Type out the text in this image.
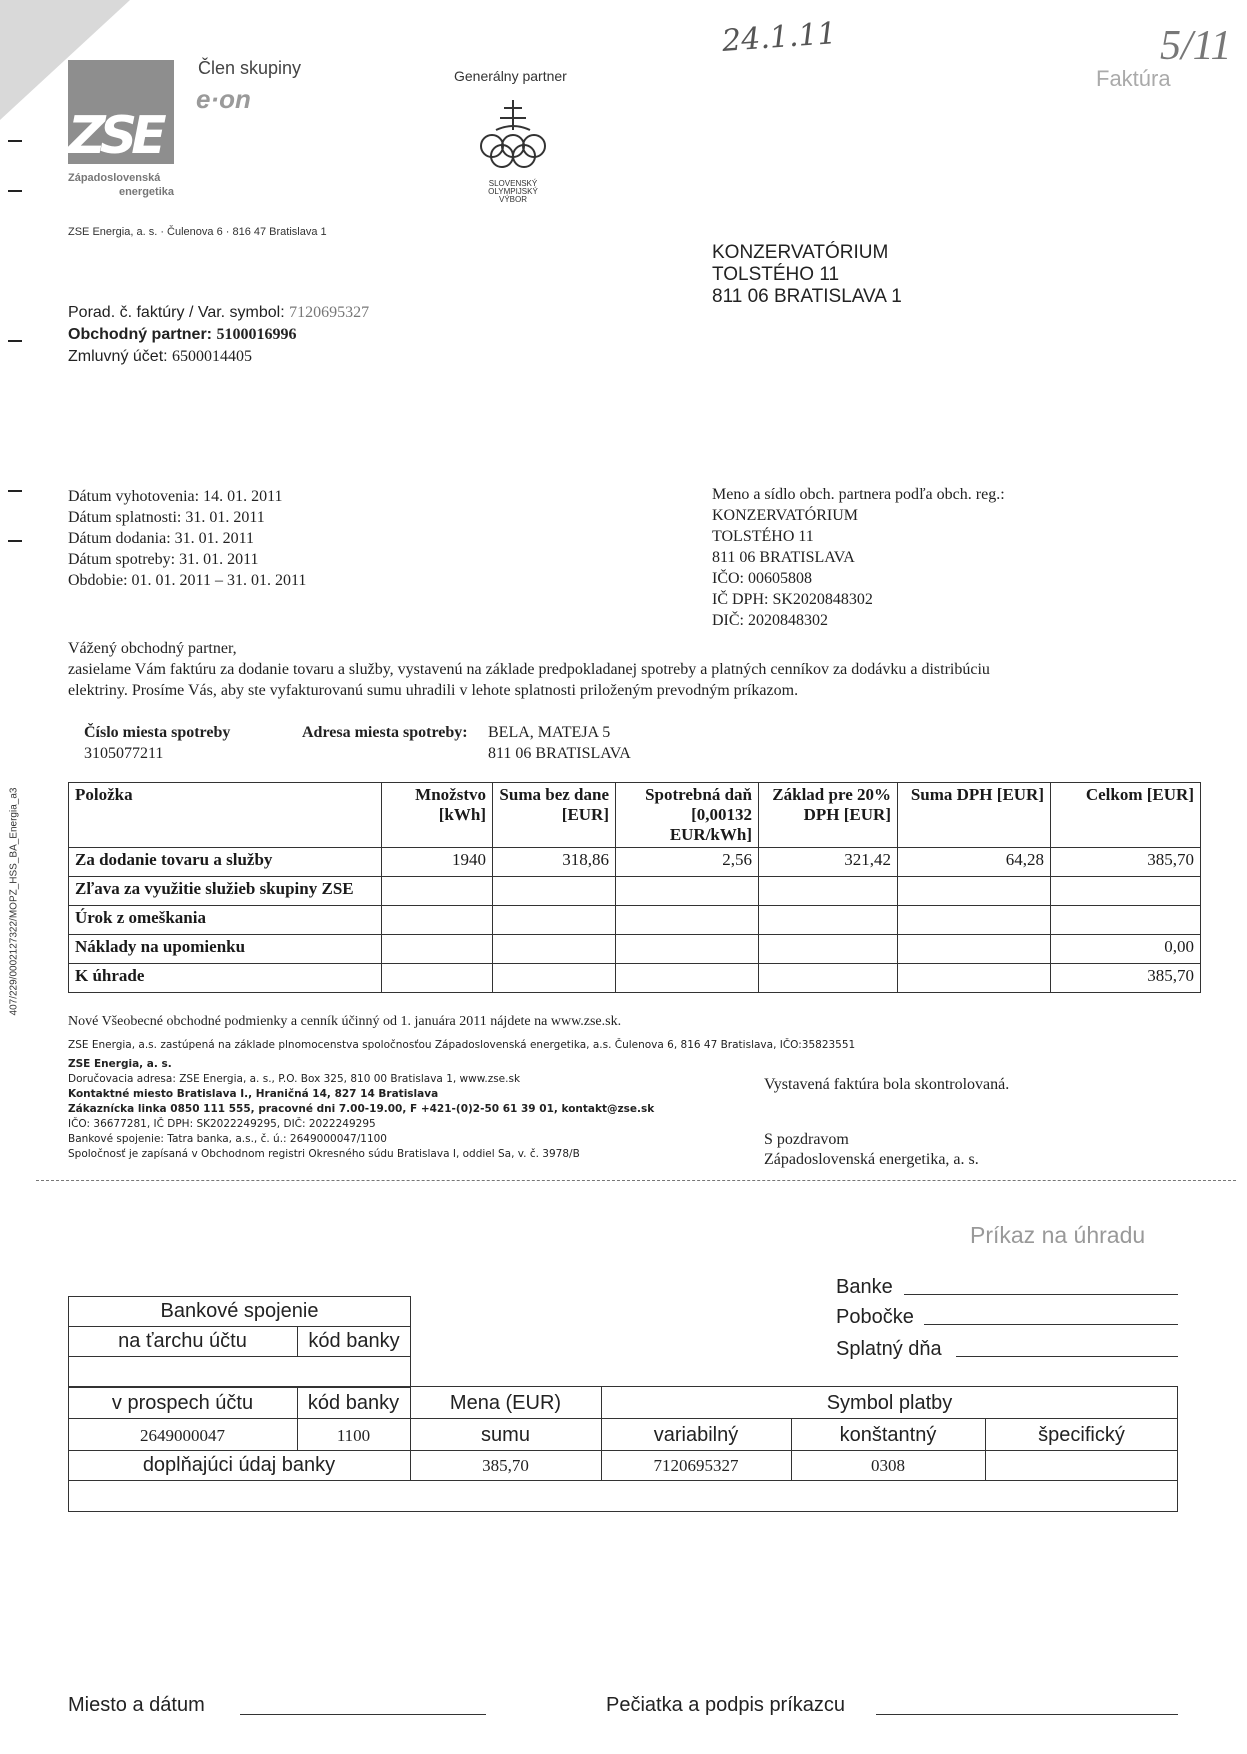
ZSE
Západoslovenská
energetika
Člen skupiny
e·on
Generálny partner
SLOVENSKÝ
OLYMPIJSKÝ
VÝBOR
24.1.11
Faktúra
5/11
ZSE Energia, a. s. · Čulenova 6 · 816 47 Bratislava 1
KONZERVATÓRIUM
TOLSTÉHO 11
811 06 BRATISLAVA 1
Porad. č. faktúry / Var. symbol: 7120695327
Obchodný partner: 5100016996
Zmluvný účet: 6500014405
Dátum vyhotovenia: 14. 01. 2011
Dátum splatnosti: 31. 01. 2011
Dátum dodania: 31. 01. 2011
Dátum spotreby: 31. 01. 2011
Obdobie: 01. 01. 2011 – 31. 01. 2011
Meno a sídlo obch. partnera podľa obch. reg.:
KONZERVATÓRIUM
TOLSTÉHO 11
811 06 BRATISLAVA
IČO: 00605808
IČ DPH: SK2020848302
DIČ: 2020848302
Vážený obchodný partner,
zasielame Vám faktúru za dodanie tovaru a služby, vystavenú na základe predpokladanej spotreby a platných cenníkov za dodávku a distribúciu
elektriny. Prosíme Vás, aby ste vyfakturovanú sumu uhradili v lehote splatnosti priloženým prevodným príkazom.
Číslo miesta spotreby
3105077211
Adresa miesta spotreby: BELA, MATEJA 5
811 06 BRATISLAVA
407/229/0002127322/MOPZ_HSS_BA_Energia_a3	Položka	Množstvo [kWh]	Suma bez dane [EUR]	Spotrebná daň [0,00132 EUR/kWh]	Základ pre 20% DPH [EUR]	Suma DPH [EUR]	Celkom [EUR]
Za dodanie tovaru a služby	1940	318,86	2,56	321,42	64,28	385,70
Zľava za využitie služieb skupiny ZSE						
Úrok z omeškania						
Náklady na upomienku						0,00
K úhrade						385,70
Nové Všeobecné obchodné podmienky a cenník účinný od 1. januára 2011 nájdete na www.zse.sk.
ZSE Energia, a.s. zastúpená na základe plnomocenstva spoločnosťou Západoslovenská energetika, a.s. Čulenova 6, 816 47 Bratislava, IČO:35823551
ZSE Energia, a. s.
Doručovacia adresa: ZSE Energia, a. s., P.O. Box 325, 810 00 Bratislava 1, www.zse.sk
Kontaktné miesto Bratislava I., Hraničná 14, 827 14 Bratislava
Zákaznícka linka 0850 111 555, pracovné dni 7.00-19.00, F +421-(0)2-50 61 39 01, kontakt@zse.sk
IČO: 36677281, IČ DPH: SK2022249295, DIČ: 2022249295
Bankové spojenie: Tatra banka, a.s., č. ú.: 2649000047/1100
Spoločnosť je zapísaná v Obchodnom registri Okresného súdu Bratislava I, oddiel Sa, v. č. 3978/B
Vystavená faktúra bola skontrolovaná.
S pozdravom
Západoslovenská energetika, a. s.
Príkaz na úhradu
Banke
Pobočke
Splatný dňa
Bankové spojenie
na ťarchu účtu	kód banky
v prospech účtu	kód banky	Mena (EUR)	Symbol platby
2649000047	1100	sumu	variabilný	konštantný	špecifický
doplňajúci údaj banky	385,70	7120695327	0308
Miesto a dátum	Pečiatka a podpis príkazcu
